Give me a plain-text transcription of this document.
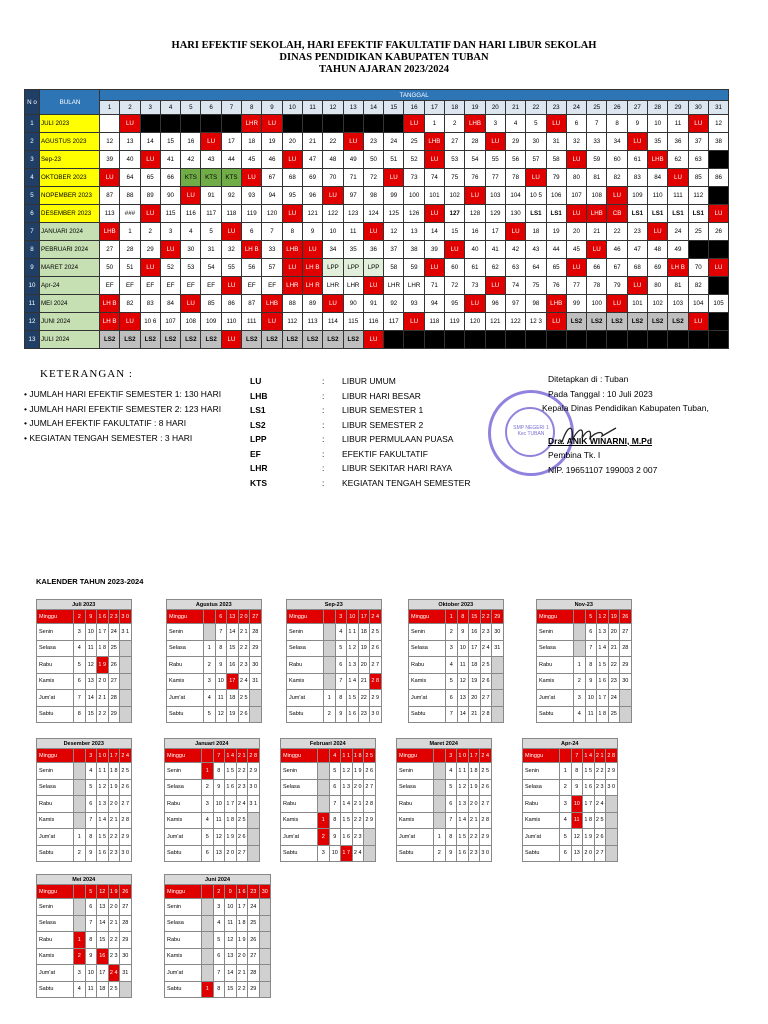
HARI EFEKTIF SEKOLAH, HARI EFEKTIF FAKULTATIF DAN HARI LIBUR SEKOLAH
DINAS PENDIDIKAN KABUPATEN TUBAN
TAHUN AJARAN 2023/2024
N o	BULAN	TANGGAL																														
		1	2	3	4	5	6	7	8	9	10	11	12	13	14	15	16	17	18	19	20	21	22	23	24	25	26	27	28	29	30	31
1	JULI 2023		LU						LHR	LU							LU	1	2	LHB	3	4	5	LU	6	7	8	9	10	11	LU	12
2	AGUSTUS 2023	12	13	14	15	16	LU	17	18	19	20	21	22	LU	23	24	25	LHB	27	28	LU	29	30	31	32	33	34	LU	35	36	37	38
3	Sep-23	39	40	LU	41	42	43	44	45	46	LU	47	48	49	50	51	52	LU	53	54	55	56	57	58	LU	59	60	61	LHB	62	63	
4	OKTOBER 2023	LU	64	65	66	KTS	KTS	KTS	LU	67	68	69	70	71	72	LU	73	74	75	76	77	78	LU	79	80	81	82	83	84	LU	85	86
5	NOPEMBER 2023	87	88	89	90	LU	91	92	93	94	95	96	LU	97	98	99	100	101	102	LU	103	104	10 5	106	107	108	LU	109	110	111	112	
6	DESEMBER 2023	113	###	LU	115	116	117	118	119	120	LU	121	122	123	124	125	126	LU	127	128	129	130	LS1	LS1	LU	LHB	CB	LS1	LS1	LS1	LS1	LU
7	JANUARI 2024	LHB	1	2	3	4	5	LU	6	7	8	9	10	11	LU	12	13	14	15	16	17	LU	18	19	20	21	22	23	LU	24	25	26
8	PEBRUARI 2024	27	28	29	LU	30	31	32	LH B	33	LHB	LU	34	35	36	37	38	39	LU	40	41	42	43	44	45	LU	46	47	48	49		
9	MARET 2024	50	51	LU	52	53	54	55	56	57	LU	LH B	LPP	LPP	LPP	58	59	LU	60	61	62	63	64	65	LU	66	67	68	69	LH B	70	LU
10	Apr-24	EF	EF	EF	EF	EF	EF	LU	EF	EF	LHR	LH R	LHR	LHR	LU	LHR	LHR	71	72	73	LU	74	75	76	77	78	79	LU	80	81	82	
11	MEI 2024	LH B	82	83	84	LU	85	86	87	LHB	88	89	LU	90	91	92	93	94	95	LU	96	97	98	LHB	99	100	LU	101	102	103	104	105
12	JUNI 2024	LH B	LU	10 6	107	108	109	110	111	LU	112	113	114	115	116	117	LU	118	119	120	121	122	12 3	LU	LS2	LS2	LS2	LS2	LS2	LS2	LU	
13	JULI 2024	LS2	LS2	LS2	LS2	LS2	LS2	LU	LS2	LS2	LS2	LS2	LS2	LS2	LU																	
KETERANGAN :
• JUMLAH HARI EFEKTIF SEMESTER 1: 130 HARI
• JUMLAH HARI EFEKTIF SEMESTER 2: 123 HARI
• JUMLAH EFEKTIF FAKULTATIF : 8 HARI
• KEGIATAN TENGAH SEMESTER : 3 HARI
LU	:	LIBUR UMUM
LHB	:	LIBUR HARI BESAR
LS1	:	LIBUR SEMESTER 1
LS2	:	LIBUR SEMESTER 2
LPP	:	LIBUR PERMULAAN PUASA
EF	:	EFEKTIF FAKULTATIF
LHR	:	LIBUR SEKITAR HARI RAYA
KTS	:	KEGIATAN TENGAH SEMESTER
SMP NEGERI 1 Kec TUBAN
Ditetapkan di : Tuban
Pada Tanggal : 10 Juli 2023
Kepala Dinas Pendidikan Kabupaten Tuban,
Dra. ANIK WINARNI, M.Pd
Pembina Tk. I
NIP. 19651107 199003 2 007
KALENDER TAHUN 2023-2024
Juli 2023					
Minggu	2	9	1 6	2 3	3 0
Senin	3	10	1 7	24	3 1
Selasa	4	11	1 8	25	
Rabu	5	12	1 9	26	
Kamis	6	13	2 0	27	
Jum'at	7	14	2 1	28	
Sabtu	8	15	2 2	29	
Agustus 2023					
Minggu		6	13	2 0	27
Senin		7	14	2 1	28
Selasa	1	8	15	2 2	29
Rabu	2	9	16	2 3	30
Kamis	3	10	17	2 4	31
Jum'at	4	11	18	2 5	
Sabtu	5	12	19	2 6	
Sep-23					
Minggu		3	10	17	2 4
Senin		4	1 1	18	2 5
Selasa		5	1 2	19	2 6
Rabu		6	1 3	20	2 7
Kamis		7	1 4	21	2 8
Jum'at	1	8	1 5	22	2 9
Sabtu	2	9	1 6	23	3 0
Oktober 2023					
Minggu	1	8	15	2 2	29
Senin	2	9	16	2 3	30
Selasa	3	10	17	2 4	31
Rabu	4	11	18	2 5	
Kamis	5	12	19	2 6	
Jum'at	6	13	20	2 7	
Sabtu	7	14	21	2 8	
Nov-23					
Minggu		5	1 2	19	26
Senin		6	1 3	20	27
Selasa		7	1 4	21	28
Rabu	1	8	1 5	22	29
Kamis	2	9	1 6	23	30
Jum'at	3	10	1 7	24	
Sabtu	4	11	1 8	25	
Desember 2023					
Minggu		3	1 0	1 7	2 4
Senin		4	1 1	1 8	2 5
Selasa		5	1 2	1 9	2 6
Rabu		6	1 3	2 0	2 7
Kamis		7	1 4	2 1	2 8
Jum'at	1	8	1 5	2 2	2 9
Sabtu	2	9	1 6	2 3	3 0
Januari 2024					
Minggu		7	1 4	2 1	2 8
Senin	1	8	1 5	2 2	2 9
Selasa	2	9	1 6	2 3	3 0
Rabu	3	10	1 7	2 4	3 1
Kamis	4	11	1 8	2 5	
Jum'at	5	12	1 9	2 6	
Sabtu	6	13	2 0	2 7	
Februari 2024					
Minggu		4	1 1	1 8	2 5
Senin		5	1 2	1 9	2 6
Selasa		6	1 3	2 0	2 7
Rabu		7	1 4	2 1	2 8
Kamis	1	8	1 5	2 2	2 9
Jum'at	2	9	1 6	2 3	
Sabtu	3	10	1 7	2 4	
Maret 2024					
Minggu		3	1 0	1 7	2 4
Senin		4	1 1	1 8	2 5
Selasa		5	1 2	1 9	2 6
Rabu		6	1 3	2 0	2 7
Kamis		7	1 4	2 1	2 8
Jum'at	1	8	1 5	2 2	2 9
Sabtu	2	9	1 6	2 3	3 0
Apr-24					
Minggu		7	1 4	2 1	2 8
Senin	1	8	1 5	2 2	2 9
Selasa	2	9	1 6	2 3	3 0
Rabu	3	10	1 7	2 4	
Kamis	4	11	1 8	2 5	
Jum'at	5	12	1 9	2 6	
Sabtu	6	13	2 0	2 7	
Mei 2024					
Minggu		5	12	1 9	26
Senin		6	13	2 0	27
Selasa		7	14	2 1	28
Rabu	1	8	15	2 2	29
Kamis	2	9	16	2 3	30
Jum'at	3	10	17	2 4	31
Sabtu	4	11	18	2 5	
Juni 2024						
Minggu		2	9	1 6	23	30
Senin		3	10	1 7	24	
Selasa		4	11	1 8	25	
Rabu		5	12	1 9	26	
Kamis		6	13	2 0	27	
Jum'at		7	14	2 1	28	
Sabtu	1	8	15	2 2	29	
